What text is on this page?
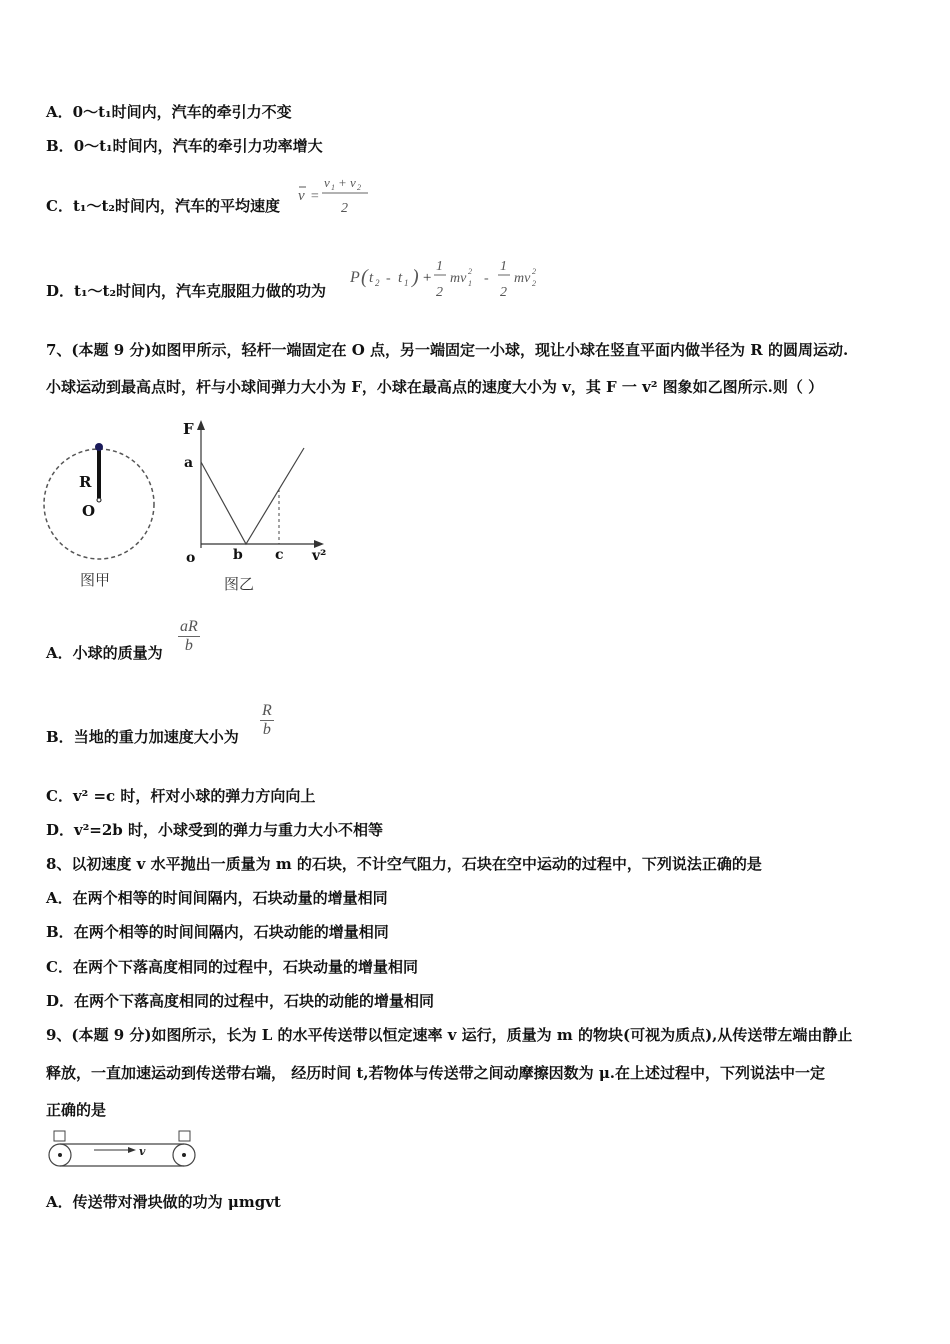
A．0～t₁时间内，汽车的牵引力不变
B．0～t₁时间内，汽车的牵引力功率增大
C．t₁～t₂时间内，汽车的平均速度
v =
v 1 + v 2
2
D．t₁～t₂时间内，汽车克服阻力做的功为
P ( t 2 - t 1 ) +
1
2
mv 1
2 -
1
2
mv 2
2
7、(本题 9 分)如图甲所示，轻杆一端固定在 O 点，另一端固定一小球，现让小球在竖直平面内做半径为 R 的圆周运动.
小球运动到最高点时，杆与小球间弹力大小为 F，小球在最高点的速度大小为 v，其 F 一 v² 图象如乙图所示.则（ ）
R
O
图甲
F
a
o	b c v²
图乙
A．小球的质量为 $\frac{aR}{b}$
B．当地的重力加速度大小为 $\frac{R}{b}$
C．v² =c 时，杆对小球的弹力方向向上
D．v²=2b 时，小球受到的弹力与重力大小不相等
8、以初速度 v 水平抛出一质量为 m 的石块，不计空气阻力，石块在空中运动的过程中，下列说法正确的是
A．在两个相等的时间间隔内，石块动量的增量相同
B．在两个相等的时间间隔内，石块动能的增量相同
C．在两个下落高度相同的过程中，石块动量的增量相同
D．在两个下落高度相同的过程中，石块的动能的增量相同
9、(本题 9 分)如图所示，长为 L 的水平传送带以恒定速率 v 运行，质量为 m 的物块(可视为质点),从传送带左端由静止
释放，一直加速运动到传送带右端， 经历时间 t,若物体与传送带之间动摩擦因数为 μ.在上述过程中，下列说法中一定
正确的是
v
A．传送带对滑块做的功为 μmgvt
